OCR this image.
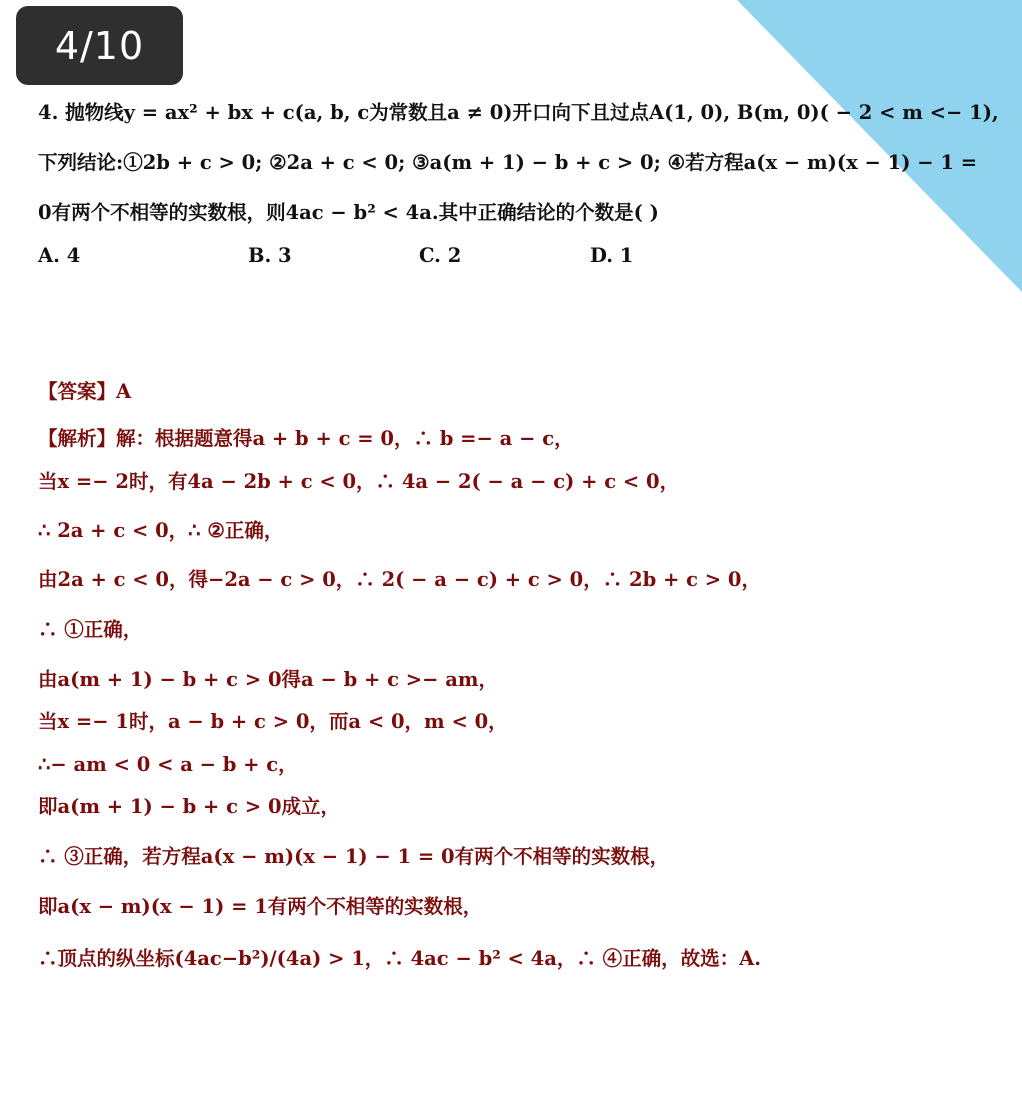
4/10
4. 抛物线y = ax² + bx + c(a, b, c为常数且a ≠ 0)开口向下且过点A(1, 0), B(m, 0)( − 2 < m <− 1),
下列结论:①2b + c > 0; ②2a + c < 0; ③a(m + 1) − b + c > 0; ④若方程a(x − m)(x − 1) − 1 =
0有两个不相等的实数根，则4ac − b² < 4a.其中正确结论的个数是( )
A. 4	B. 3	C. 2	D. 1
【答案】A
【解析】解：根据题意得a + b + c = 0，∴ b =− a − c，
当x =− 2时，有4a − 2b + c < 0，∴ 4a − 2( − a − c) + c < 0，
∴ 2a + c < 0，∴ ②正确，
由2a + c < 0，得−2a − c > 0，∴ 2( − a − c) + c > 0，∴ 2b + c > 0，
∴ ①正确，
由a(m + 1) − b + c > 0得a − b + c >− am，
当x =− 1时，a − b + c > 0，而a < 0，m < 0，
∴− am < 0 < a − b + c，
即a(m + 1) − b + c > 0成立，
∴ ③正确，若方程a(x − m)(x − 1) − 1 = 0有两个不相等的实数根，
即a(x − m)(x − 1) = 1有两个不相等的实数根，
∴顶点的纵坐标(4ac−b²)/(4a) > 1，∴ 4ac − b² < 4a，∴ ④正确，故选：A.
